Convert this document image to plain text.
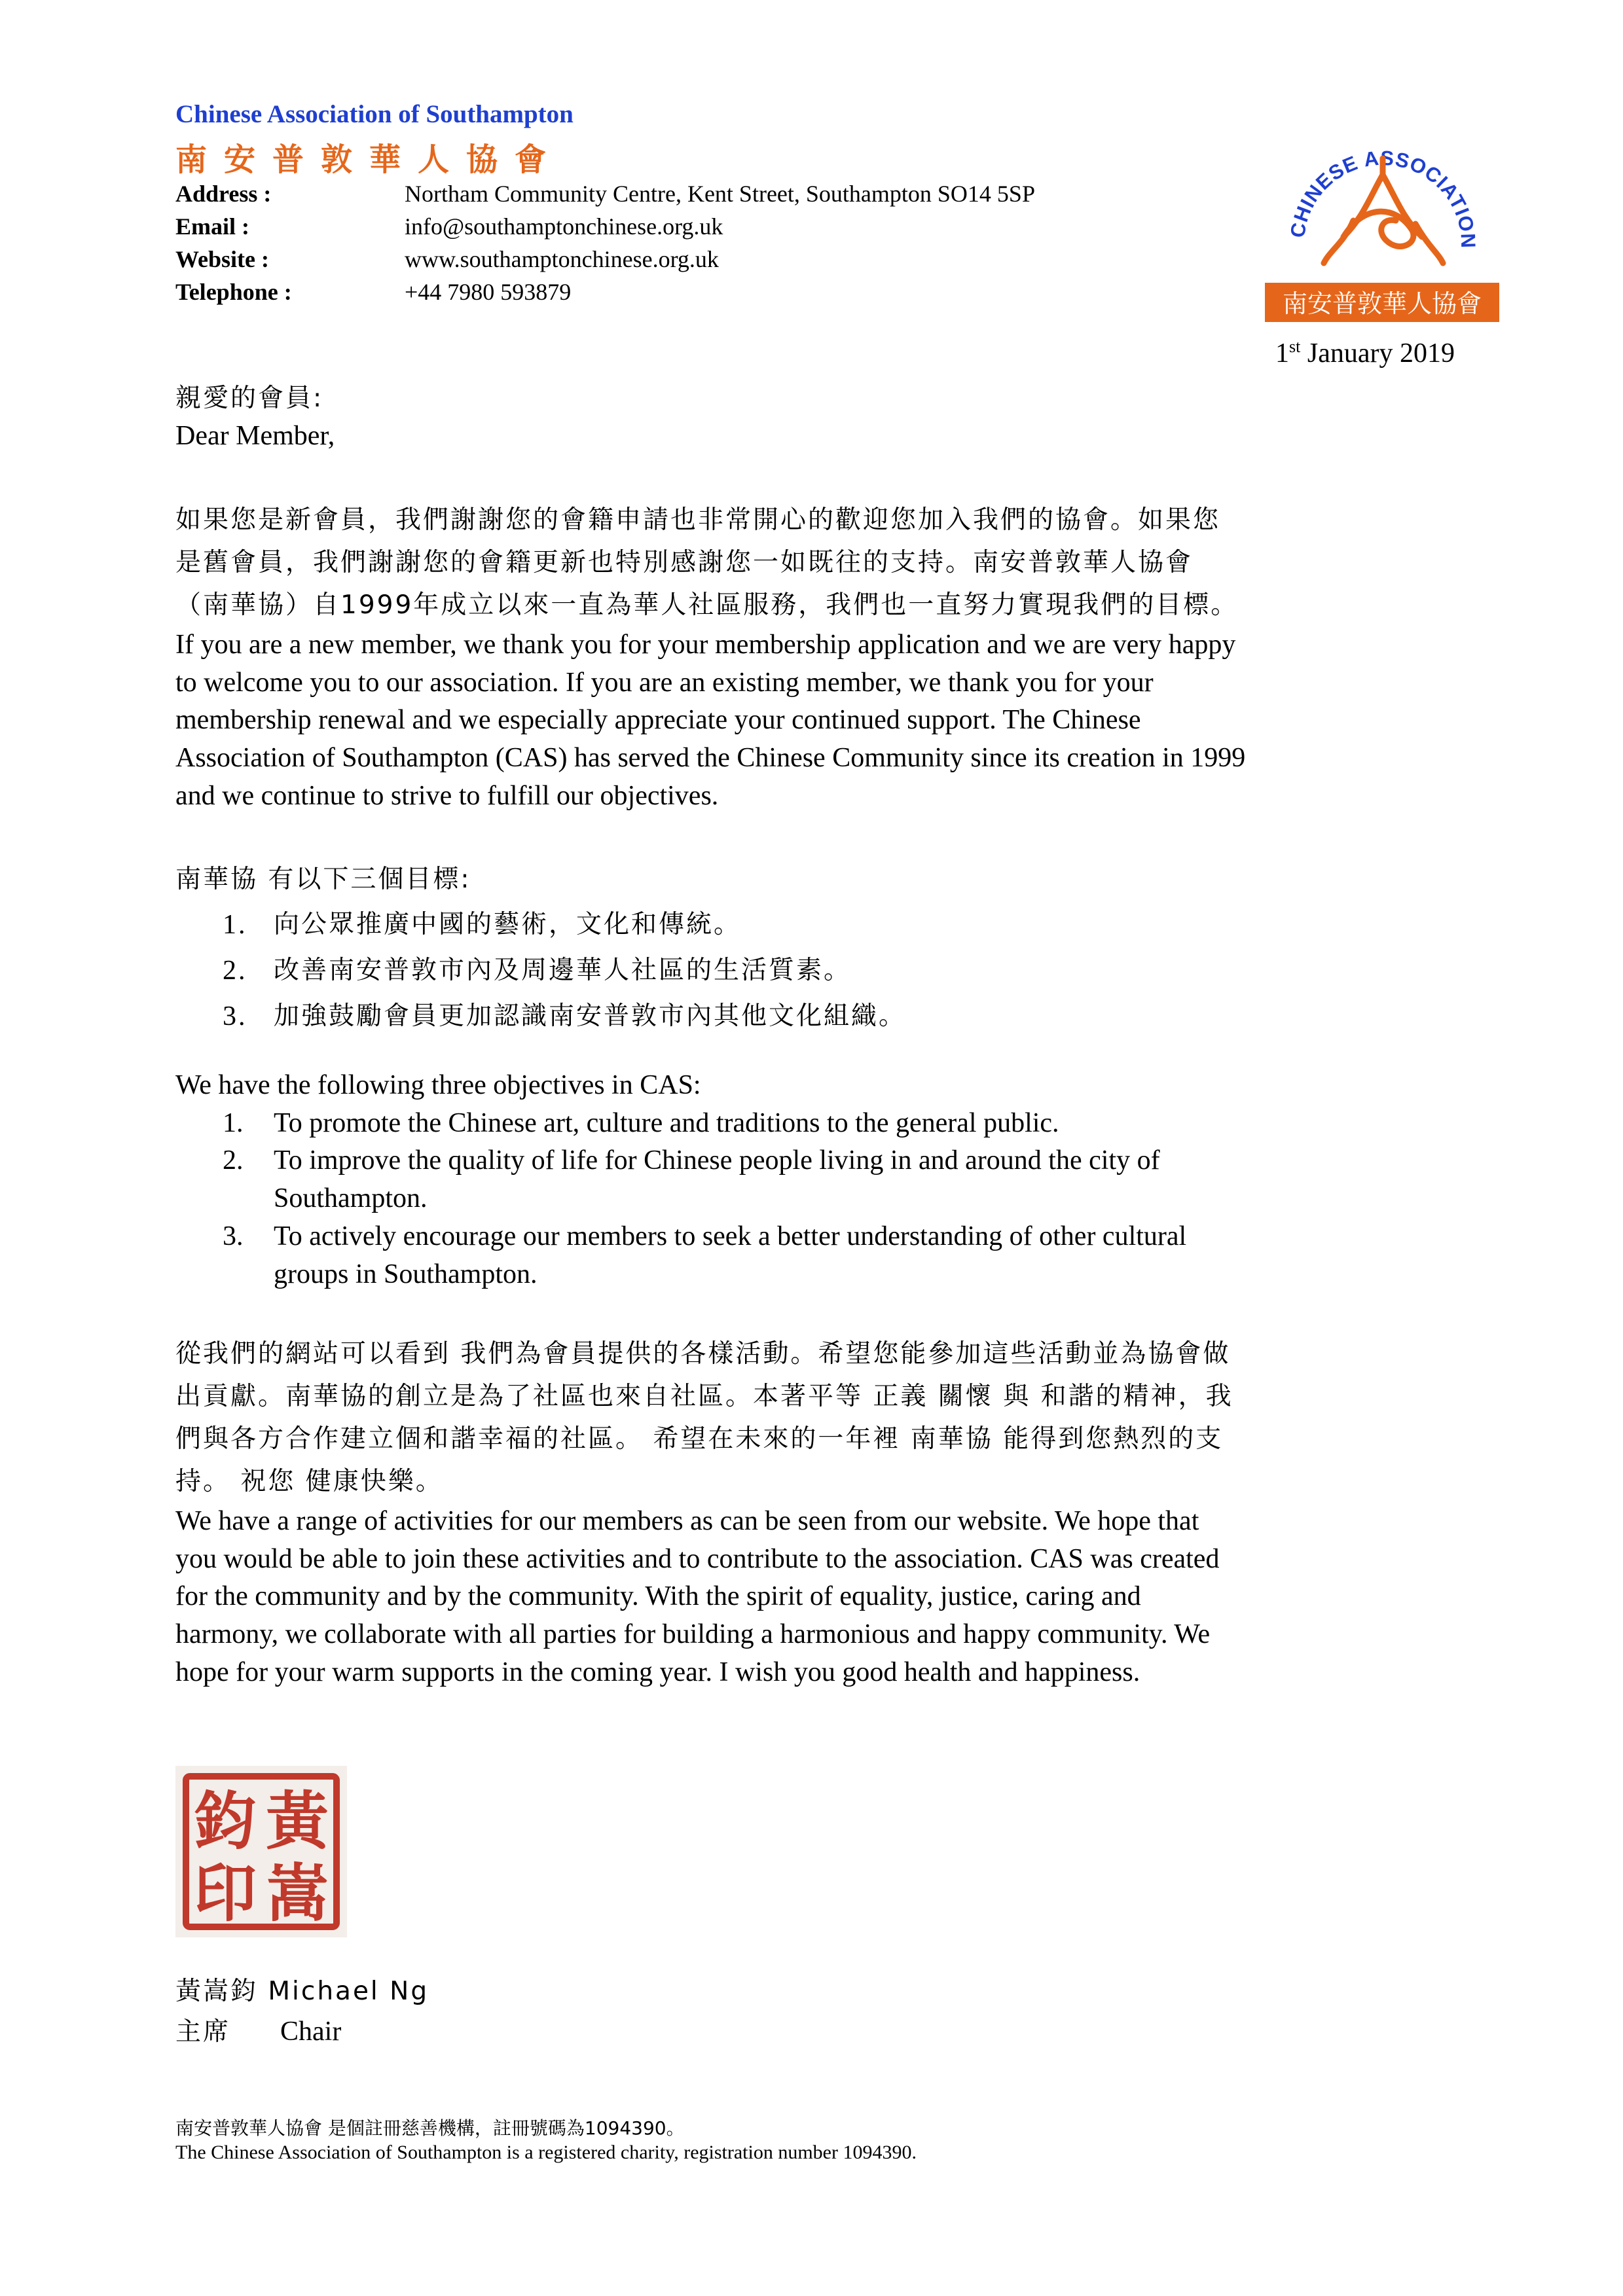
Chinese Association of Southampton
南安普敦華人協會
Address :	Northam Community Centre, Kent Street, Southampton SO14 5SP
Email :	info@southamptonchinese.org.uk
Website :	www.southamptonchinese.org.uk
Telephone :	+44 7980 593879
CHINESE ASSOCIATION
南安普敦華人協會
1st January 2019
親愛的會員:
Dear Member,
如果您是新會員，我們謝謝您的會籍申請也非常開心的歡迎您加入我們的協會。如果您
是舊會員，我們謝謝您的會籍更新也特別感謝您一如既往的支持。南安普敦華人協會
（南華協）自1999年成立以來一直為華人社區服務，我們也一直努力實現我們的目標。
If you are a new member, we thank you for your membership application and we are very happy
to welcome you to our association. If you are an existing member, we thank you for your
membership renewal and we especially appreciate your continued support. The Chinese
Association of Southampton (CAS) has served the Chinese Community since its creation in 1999
and we continue to strive to fulfill our objectives.
南華協 有以下三個目標:
1. 向公眾推廣中國的藝術，文化和傳統。
2. 改善南安普敦市內及周邊華人社區的生活質素。
3. 加強鼓勵會員更加認識南安普敦市內其他文化組織。
We have the following three objectives in CAS:
1. To promote the Chinese art, culture and traditions to the general public.
2. To improve the quality of life for Chinese people living in and around the city of
Southampton.
3. To actively encourage our members to seek a better understanding of other cultural
groups in Southampton.
從我們的網站可以看到 我們為會員提供的各樣活動。希望您能參加這些活動並為協會做
出貢獻。南華協的創立是為了社區也來自社區。本著平等 正義 關懷 與 和諧的精神，我
們與各方合作建立個和諧幸福的社區。 希望在未來的一年裡 南華協 能得到您熱烈的支
持。 祝您 健康快樂。
We have a range of activities for our members as can be seen from our website. We hope that
you would be able to join these activities and to contribute to the association. CAS was created
for the community and by the community. With the spirit of equality, justice, caring and
harmony, we collaborate with all parties for building a harmonious and happy community. We
hope for your warm supports in the coming year. I wish you good health and happiness.
黃
嵩
鈞
印
黃嵩鈞 Michael Ng
主席 Chair
南安普敦華人協會 是個註冊慈善機構，註冊號碼為1094390。
The Chinese Association of Southampton is a registered charity, registration number 1094390.
